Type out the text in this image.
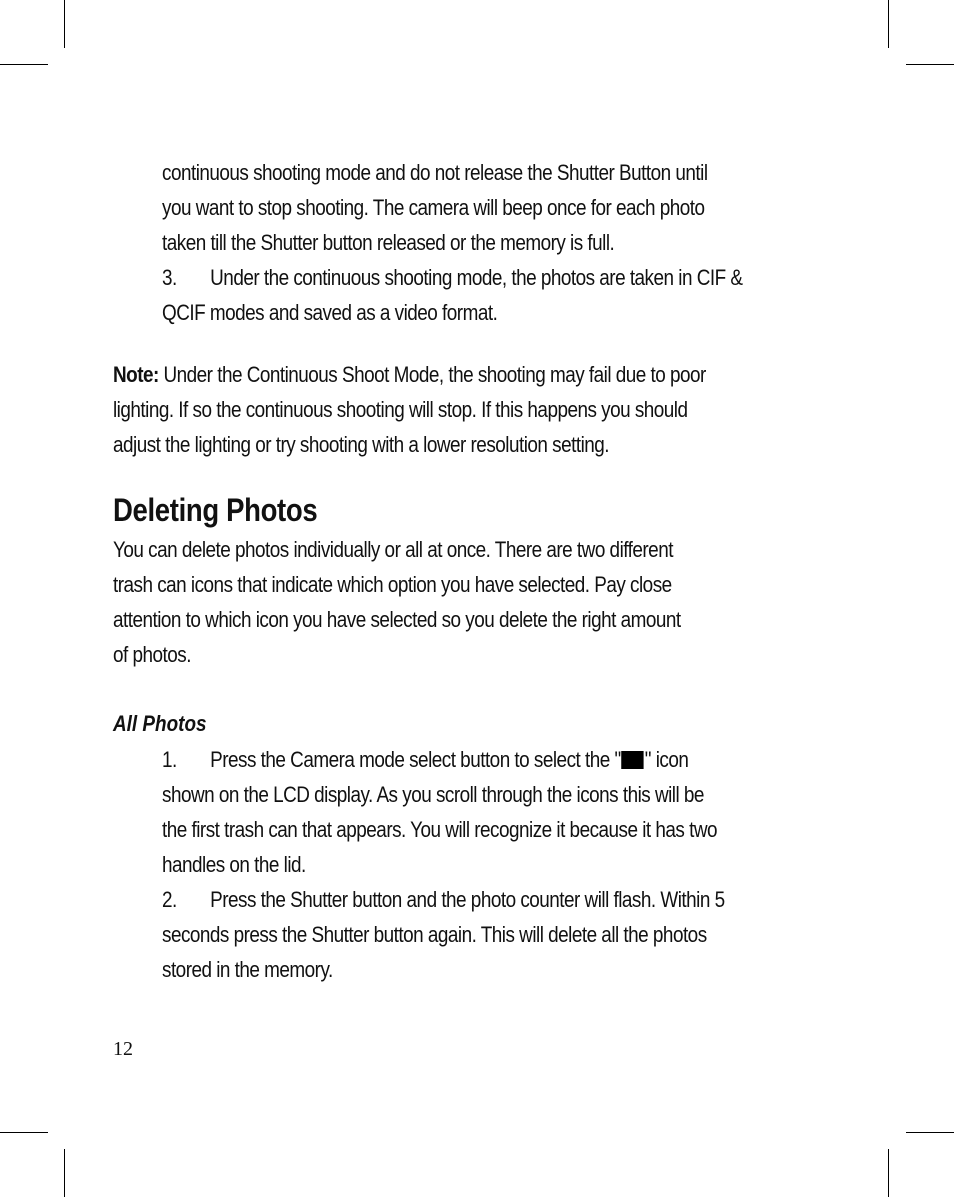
continuous shooting mode and do not release the Shutter Button until
you want to stop shooting. The camera will beep once for each photo
taken till the Shutter button released or the memory is full.
3. Under the continuous shooting mode, the photos are taken in CIF &
QCIF modes and saved as a video format.
Note: Under the Continuous Shoot Mode, the shooting may fail due to poor
lighting. If so the continuous shooting will stop. If this happens you should
adjust the lighting or try shooting with a lower resolution setting.
Deleting Photos
You can delete photos individually or all at once. There are two different
trash can icons that indicate which option you have selected. Pay close
attention to which icon you have selected so you delete the right amount
of photos.
All Photos
1. Press the Camera mode select button to select the " " icon
shown on the LCD display. As you scroll through the icons this will be
the first trash can that appears. You will recognize it because it has two
handles on the lid.
2. Press the Shutter button and the photo counter will flash. Within 5
seconds press the Shutter button again. This will delete all the photos
stored in the memory.
12
